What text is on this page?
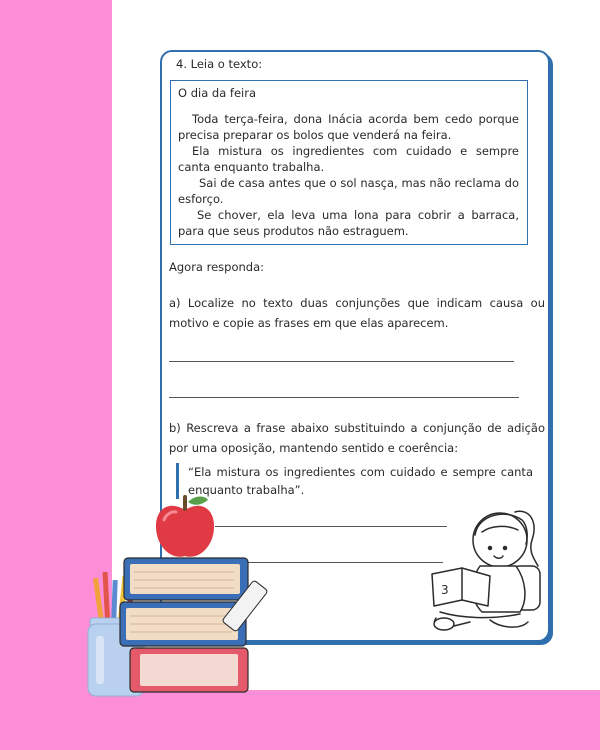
4. Leia o texto:
O dia da feira

Toda terça-feira, dona Inácia acorda bem cedo porque precisa preparar os bolos que venderá na feira.

Ela mistura os ingredientes com cuidado e sempre canta enquanto trabalha.

Sai de casa antes que o sol nasça, mas não reclama do esforço.

Se chover, ela leva uma lona para cobrir a barraca, para que seus produtos não estraguem.

Agora responda:
a) Localize no texto duas conjunções que indicam causa ou motivo e copie as frases em que elas aparecem.
b) Rescreva a frase abaixo substituindo a conjunção de adição por uma oposição, mantendo sentido e coerência:
“Ela mistura os ingredientes com cuidado e sempre canta enquanto trabalha”.
3
